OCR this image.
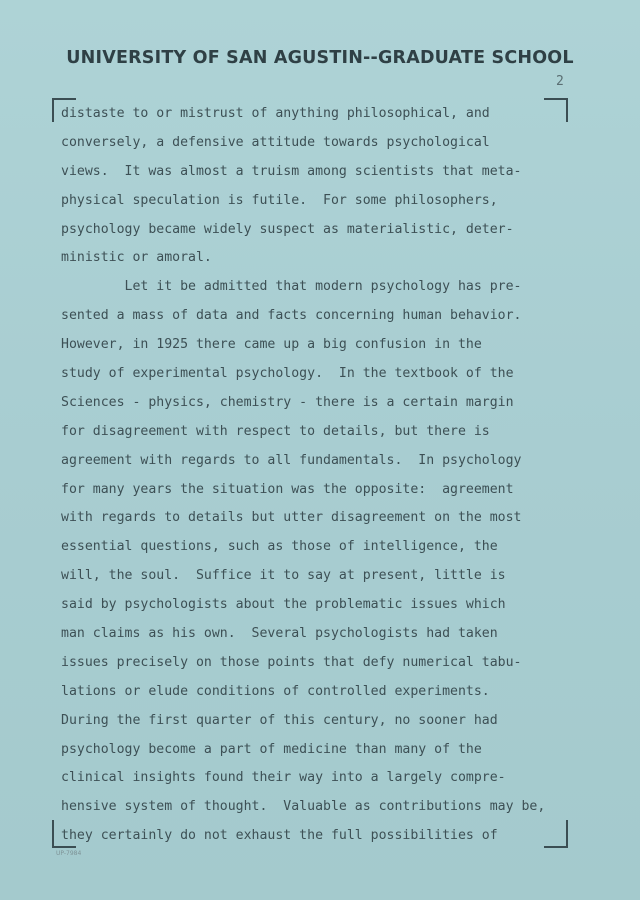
UNIVERSITY OF SAN AGUSTIN--GRADUATE SCHOOL
2
distaste to or mistrust of anything philosophical, and
conversely, a defensive attitude towards psychological
views.  It was almost a truism among scientists that meta-
physical speculation is futile.  For some philosophers,
psychology became widely suspect as materialistic, deter-
ministic or amoral.
Let it be admitted that modern psychology has pre-
sented a mass of data and facts concerning human behavior.
However, in 1925 there came up a big confusion in the
study of experimental psychology.  In the textbook of the
Sciences - physics, chemistry - there is a certain margin
for disagreement with respect to details, but there is
agreement with regards to all fundamentals.  In psychology
for many years the situation was the opposite:  agreement
with regards to details but utter disagreement on the most
essential questions, such as those of intelligence, the
will, the soul.  Suffice it to say at present, little is
said by psychologists about the problematic issues which
man claims as his own.  Several psychologists had taken
issues precisely on those points that defy numerical tabu-
lations or elude conditions of controlled experiments.
During the first quarter of this century, no sooner had
psychology become a part of medicine than many of the
clinical insights found their way into a largely compre-
hensive system of thought.  Valuable as contributions may be,
they certainly do not exhaust the full possibilities of
UP-7984
